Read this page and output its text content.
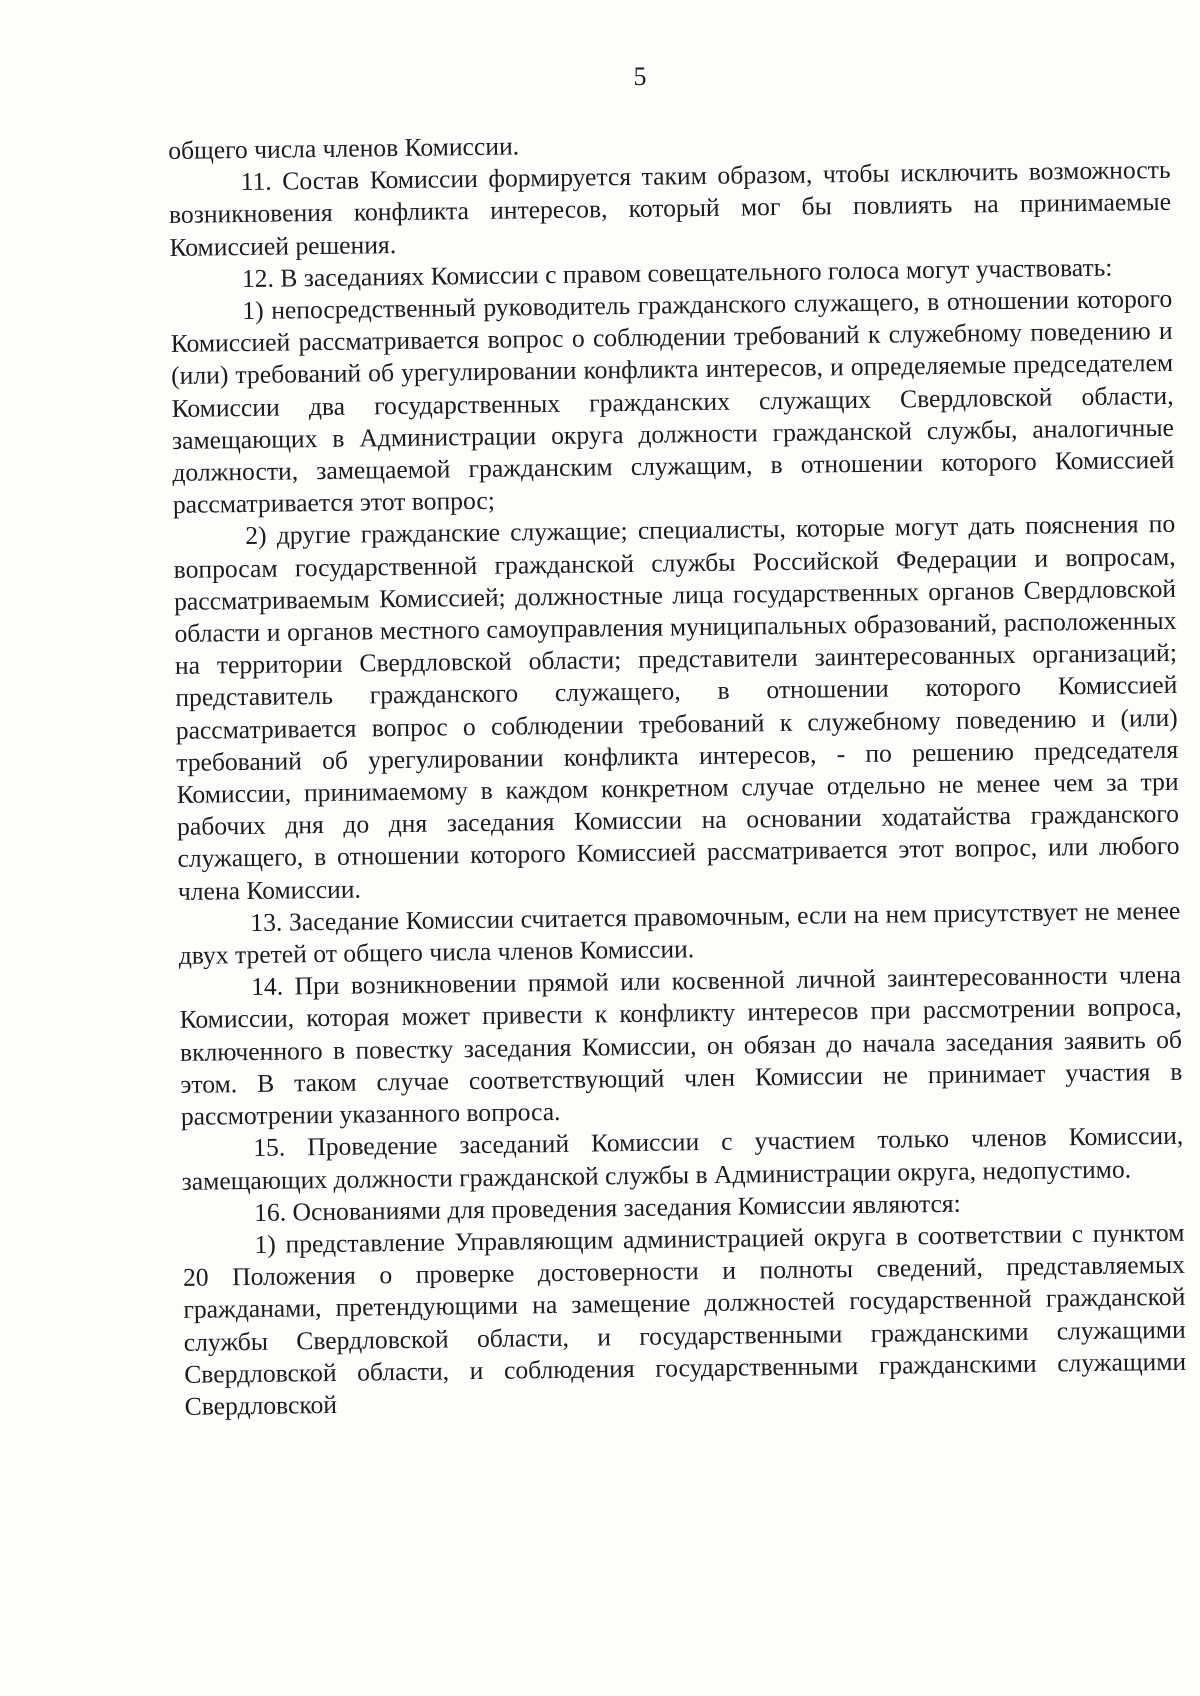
5

общего числа членов Комиссии.

11. Состав Комиссии формируется таким образом, чтобы исключить возможность возникновения конфликта интересов, который мог бы повлиять на принимаемые Комиссией решения.

12. В заседаниях Комиссии с правом совещательного голоса могут участвовать:

1) непосредственный руководитель гражданского служащего, в отношении которого Комиссией рассматривается вопрос о соблюдении требований к служебному поведению и (или) требований об урегулировании конфликта интересов, и определяемые председателем Комиссии два государственных гражданских служащих Свердловской области, замещающих в Администрации округа должности гражданской службы, аналогичные должности, замещаемой гражданским служащим, в отношении которого Комиссией рассматривается этот вопрос;

2) другие гражданские служащие; специалисты, которые могут дать пояснения по вопросам государственной гражданской службы Российской Федерации и вопросам, рассматриваемым Комиссией; должностные лица государственных органов Свердловской области и органов местного самоуправления муниципальных образований, расположенных на территории Свердловской области; представители заинтересованных организаций; представитель гражданского служащего, в отношении которого Комиссией рассматривается вопрос о соблюдении требований к служебному поведению и (или) требований об урегулировании конфликта интересов, - по решению председателя Комиссии, принимаемому в каждом конкретном случае отдельно не менее чем за три рабочих дня до дня заседания Комиссии на основании ходатайства гражданского служащего, в отношении которого Комиссией рассматривается этот вопрос, или любого члена Комиссии.

13. Заседание Комиссии считается правомочным, если на нем присутствует не менее двух третей от общего числа членов Комиссии.

14. При возникновении прямой или косвенной личной заинтересованности члена Комиссии, которая может привести к конфликту интересов при рассмотрении вопроса, включенного в повестку заседания Комиссии, он обязан до начала заседания заявить об этом. В таком случае соответствующий член Комиссии не принимает участия в рассмотрении указанного вопроса.

15. Проведение заседаний Комиссии с участием только членов Комиссии, замещающих должности гражданской службы в Администрации округа, недопустимо.

16. Основаниями для проведения заседания Комиссии являются:

1) представление Управляющим администрацией округа в соответствии с пунктом 20 Положения о проверке достоверности и полноты сведений, представляемых гражданами, претендующими на замещение должностей государственной гражданской службы Свердловской области, и государственными гражданскими служащими Свердловской области, и соблюдения государственными гражданскими служащими Свердловской
